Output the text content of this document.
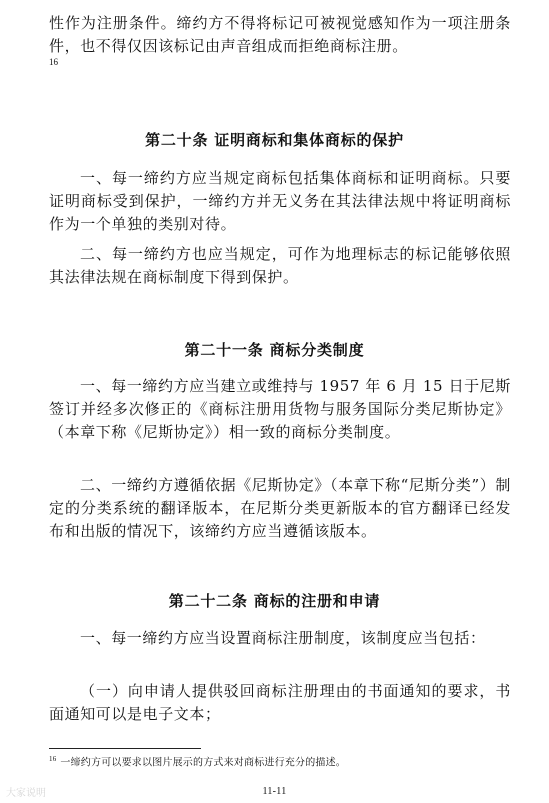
性作为注册条件。缔约方不得将标记可被视觉感知作为一项注册条件，也不得仅因该标记由声音组成而拒绝商标注册。

16
第二十条 证明商标和集体商标的保护

一、每一缔约方应当规定商标包括集体商标和证明商标。只要证明商标受到保护，一缔约方并无义务在其法律法规中将证明商标作为一个单独的类别对待。

二、每一缔约方也应当规定，可作为地理标志的标记能够依照其法律法规在商标制度下得到保护。

第二十一条 商标分类制度

一、每一缔约方应当建立或维持与 1957 年 6 月 15 日于尼斯签订并经多次修正的《商标注册用货物与服务国际分类尼斯协定》（本章下称《尼斯协定》）相一致的商标分类制度。

二、一缔约方遵循依据《尼斯协定》（本章下称“尼斯分类”）制定的分类系统的翻译版本，在尼斯分类更新版本的官方翻译已经发布和出版的情况下，该缔约方应当遵循该版本。

第二十二条 商标的注册和申请

一、每一缔约方应当设置商标注册制度，该制度应当包括：

（一）向申请人提供驳回商标注册理由的书面通知的要求，书面通知可以是电子文本；

$^{16}$ 一缔约方可以要求以图片展示的方式来对商标进行充分的描述。

大家说明	11-11
